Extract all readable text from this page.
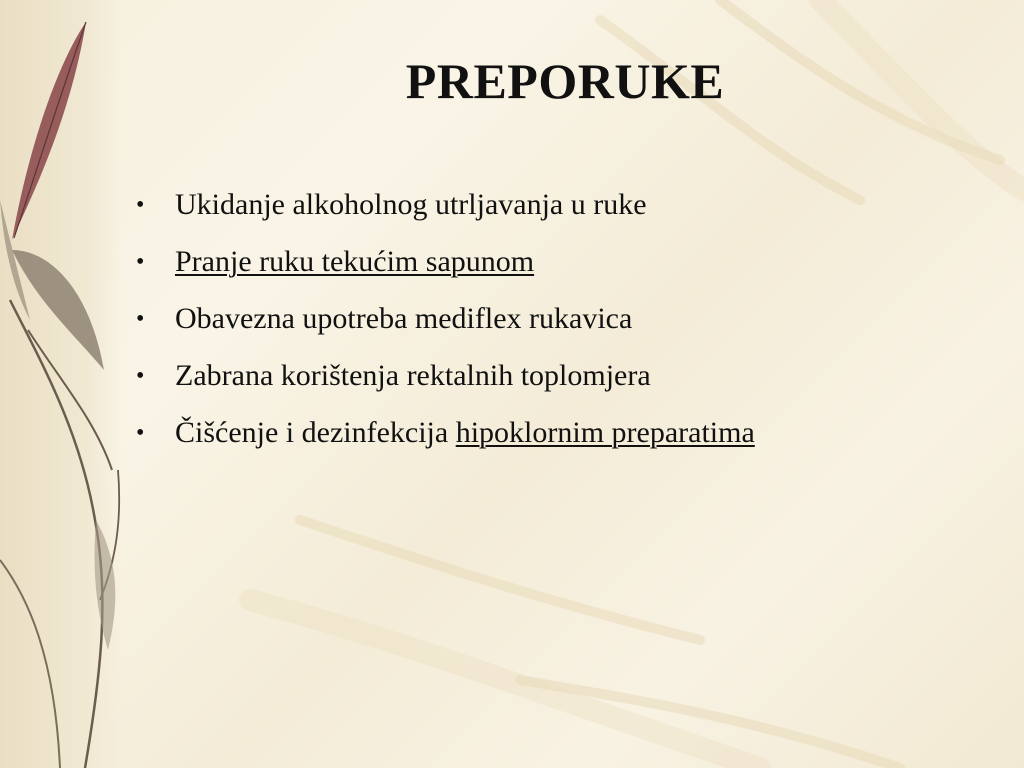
PREPORUKE
•	Ukidanje alkoholnog utrljavanja u ruke
•	Pranje ruku tekućim sapunom
•	Obavezna upotreba mediflex rukavica
•	Zabrana korištenja rektalnih toplomjera
•	Čišćenje i dezinfekcija hipoklornim preparatima
